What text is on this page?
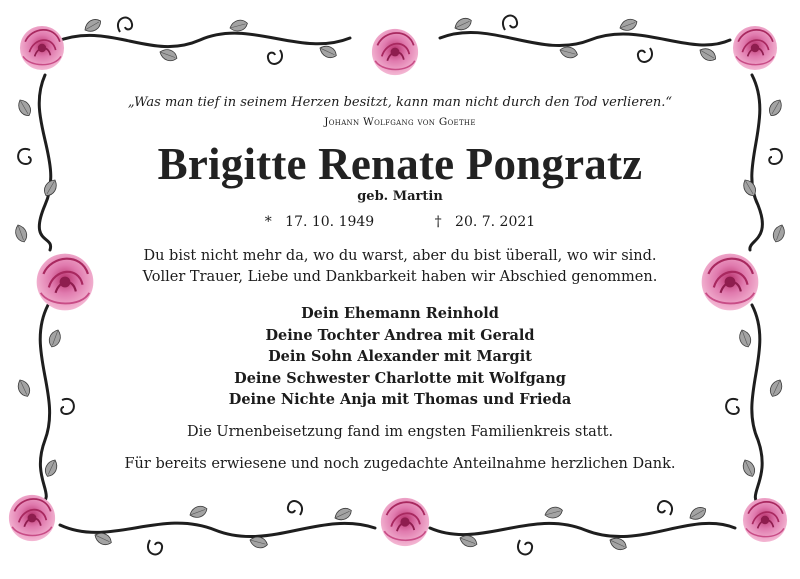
„Was man tief in seinem Herzen besitzt, kann man nicht durch den Tod verlieren.“
Johann Wolfgang von Goethe
Brigitte Renate Pongratz
geb. Martin
* 17. 10. 1949	† 20. 7. 2021
Du bist nicht mehr da, wo du warst, aber du bist überall, wo wir sind.
Voller Trauer, Liebe und Dankbarkeit haben wir Abschied genommen.
Dein Ehemann Reinhold
Deine Tochter Andrea mit Gerald
Dein Sohn Alexander mit Margit
Deine Schwester Charlotte mit Wolfgang
Deine Nichte Anja mit Thomas und Frieda
Die Urnenbeisetzung fand im engsten Familienkreis statt.
Für bereits erwiesene und noch zugedachte Anteilnahme herzlichen Dank.
